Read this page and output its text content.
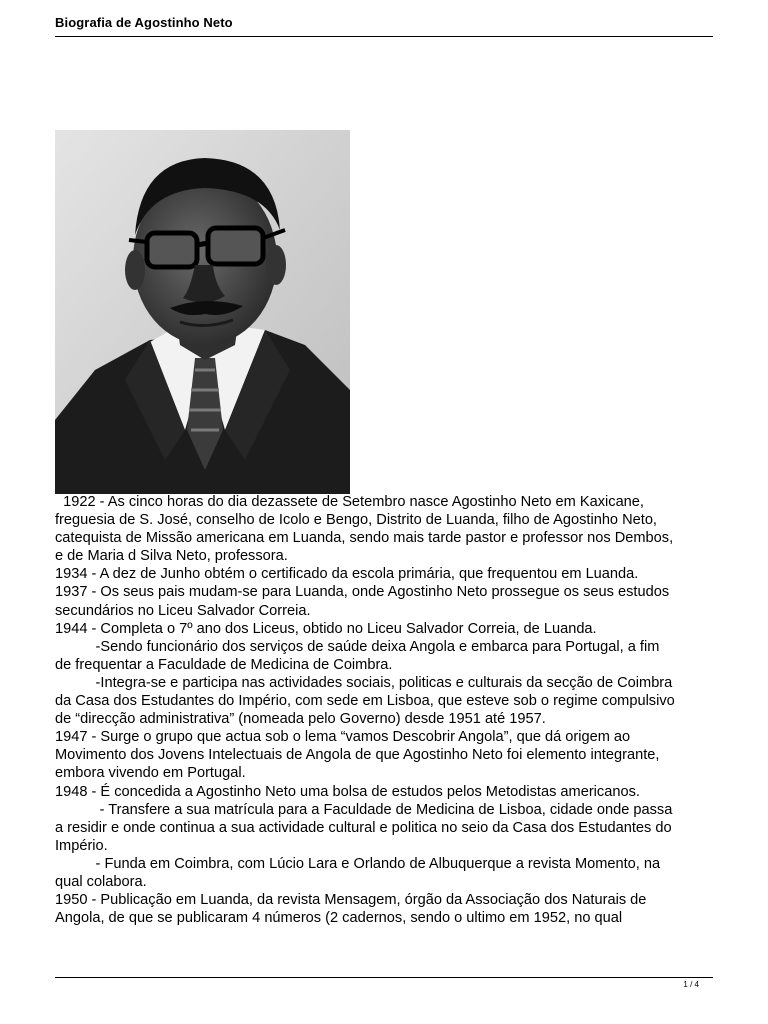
Biografia de Agostinho Neto

1922 - As cinco horas do dia dezassete de Setembro nasce Agostinho Neto em Kaxicane,

freguesia de S. José, conselho de Icolo e Bengo, Distrito de Luanda, filho de Agostinho Neto,

catequista de Missão americana em Luanda, sendo mais tarde pastor e professor nos Dembos,

e de Maria d Silva Neto, professora.

1934 - A dez de Junho obtém o certificado da escola primária, que frequentou em Luanda.

1937 - Os seus pais mudam-se para Luanda, onde Agostinho Neto prossegue os seus estudos

secundários no Liceu Salvador Correia.

1944 - Completa o 7º ano dos Liceus, obtido no Liceu Salvador Correia, de Luanda.

-Sendo funcionário dos serviços de saúde deixa Angola e embarca para Portugal, a fim

de frequentar a Faculdade de Medicina de Coimbra.

-Integra-se e participa nas actividades sociais, politicas e culturais da secção de Coimbra

da Casa dos Estudantes do Império, com sede em Lisboa, que esteve sob o regime compulsivo

de “direcção administrativa” (nomeada pelo Governo) desde 1951 até 1957.

1947 - Surge o grupo que actua sob o lema “vamos Descobrir Angola”, que dá origem ao

Movimento dos Jovens Intelectuais de Angola de que Agostinho Neto foi elemento integrante,

embora vivendo em Portugal.

1948 - É concedida a Agostinho Neto uma bolsa de estudos pelos Metodistas americanos.

- Transfere a sua matrícula para a Faculdade de Medicina de Lisboa, cidade onde passa

a residir e onde continua a sua actividade cultural e politica no seio da Casa dos Estudantes do

Império.

- Funda em Coimbra, com Lúcio Lara e Orlando de Albuquerque a revista Momento, na

qual colabora.

1950 - Publicação em Luanda, da revista Mensagem, órgão da Associação dos Naturais de

Angola, de que se publicaram 4 números (2 cadernos, sendo o ultimo em 1952, no qual

1 / 4
